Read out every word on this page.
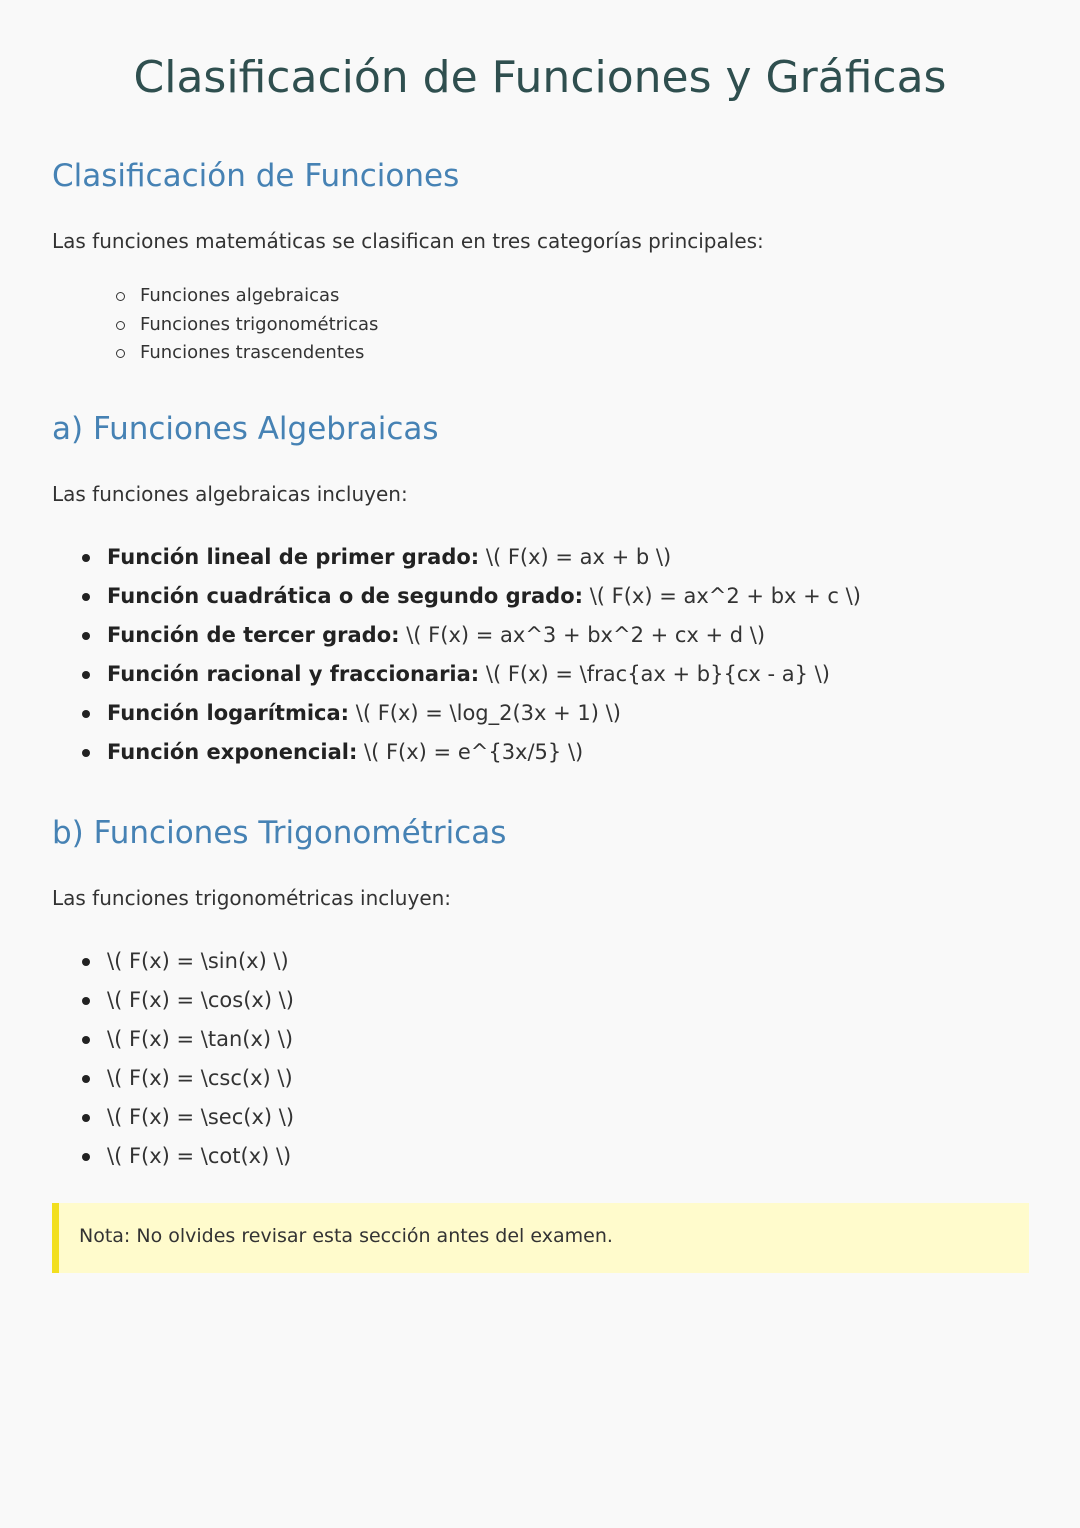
Clasificación de Funciones y Gráficas
Clasificación de Funciones

Las funciones matemáticas se clasifican en tres categorías principales:

Funciones algebraicas
Funciones trigonométricas
Funciones trascendentes
a) Funciones Algebraicas

Las funciones algebraicas incluyen:

Función lineal de primer grado: \( F(x) = ax + b \)
Función cuadrática o de segundo grado: \( F(x) = ax^2 + bx + c \)
Función de tercer grado: \( F(x) = ax^3 + bx^2 + cx + d \)
Función racional y fraccionaria: \( F(x) = \frac{ax + b}{cx - a} \)
Función logarítmica: \( F(x) = \log_2(3x + 1) \)
Función exponencial: \( F(x) = e^{3x/5} \)
b) Funciones Trigonométricas

Las funciones trigonométricas incluyen:

\( F(x) = \sin(x) \)
\( F(x) = \cos(x) \)
\( F(x) = \tan(x) \)
\( F(x) = \csc(x) \)
\( F(x) = \sec(x) \)
\( F(x) = \cot(x) \)
Nota: No olvides revisar esta sección antes del examen.
